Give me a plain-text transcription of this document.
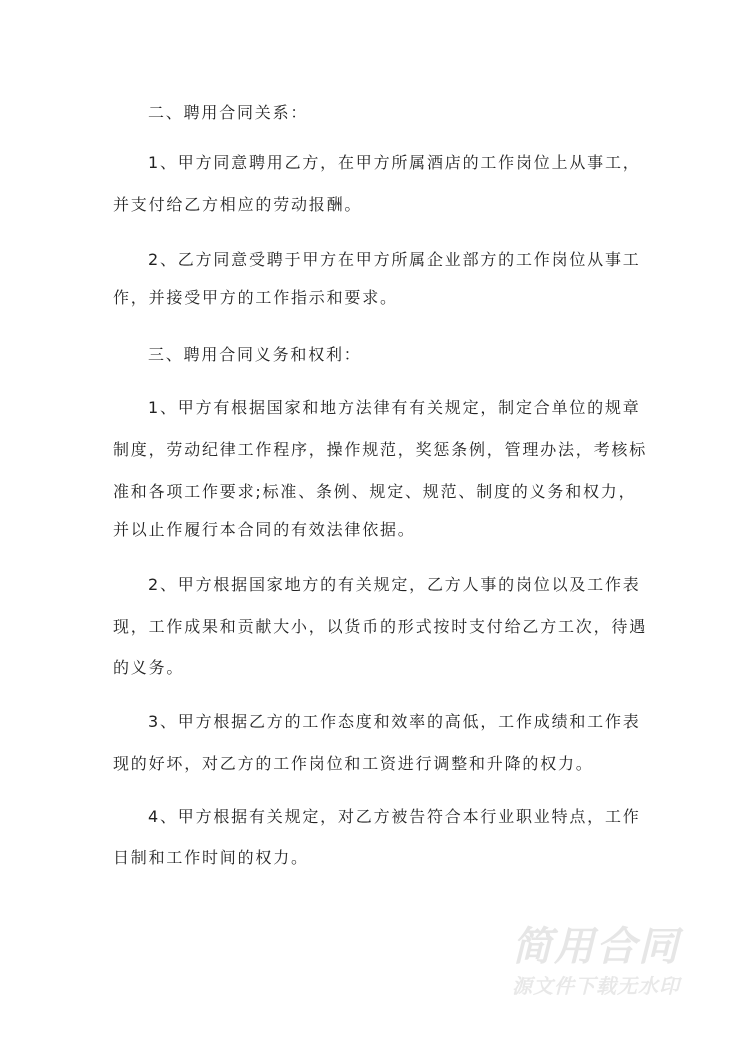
二、聘用合同关系：
1、甲方同意聘用乙方，在甲方所属酒店的工作岗位上从事工，
并支付给乙方相应的劳动报酬。
2、乙方同意受聘于甲方在甲方所属企业部方的工作岗位从事工
作，并接受甲方的工作指示和要求。
三、聘用合同义务和权利：
1、甲方有根据国家和地方法律有有关规定，制定合单位的规章
制度，劳动纪律工作程序，操作规范，奖惩条例，管理办法，考核标
准和各项工作要求;标准、条例、规定、规范、制度的义务和权力，
并以止作履行本合同的有效法律依据。
2、甲方根据国家地方的有关规定，乙方人事的岗位以及工作表
现，工作成果和贡献大小，以货币的形式按时支付给乙方工次，待遇
的义务。
3、甲方根据乙方的工作态度和效率的高低，工作成绩和工作表
现的好坏，对乙方的工作岗位和工资进行调整和升降的权力。
4、甲方根据有关规定，对乙方被告符合本行业职业特点，工作
日制和工作时间的权力。
简用合同
源文件下载无水印
